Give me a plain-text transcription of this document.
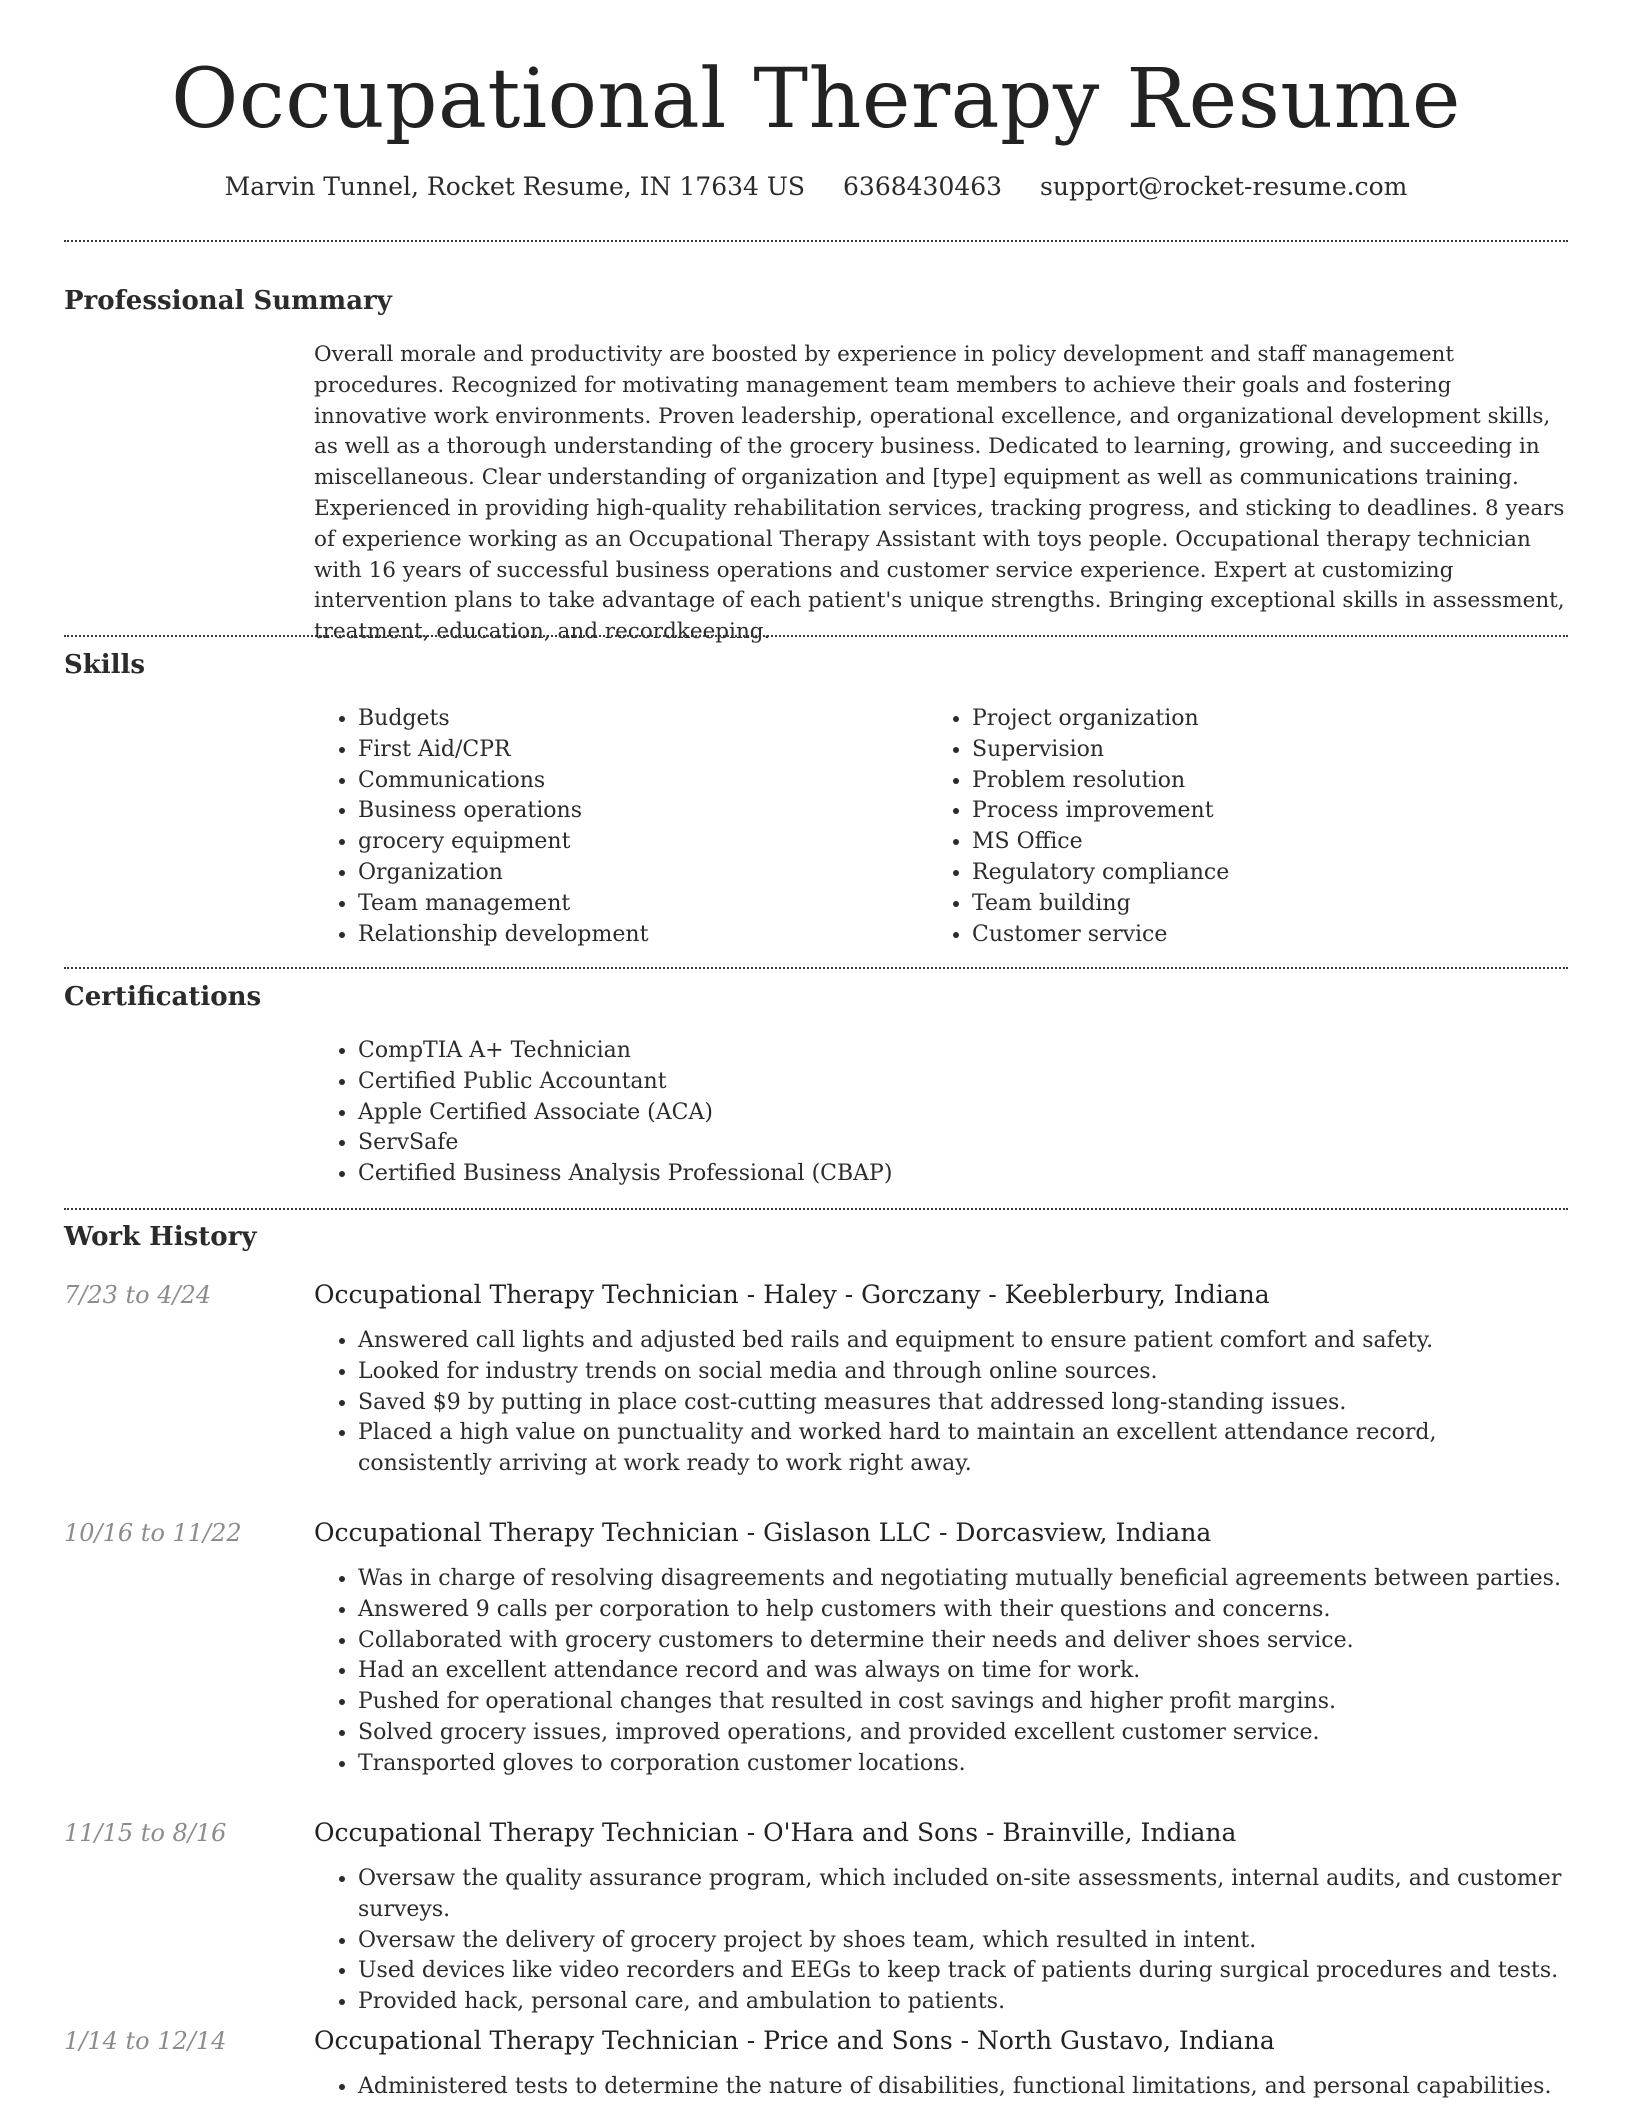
Occupational Therapy Resume
Marvin Tunnel, Rocket Resume, IN 17634 US 6368430463 support@rocket-resume.com
Professional Summary

Overall morale and productivity are boosted by experience in policy development and staff management procedures. Recognized for motivating management team members to achieve their goals and fostering innovative work environments. Proven leadership, operational excellence, and organizational development skills, as well as a thorough understanding of the grocery business. Dedicated to learning, growing, and succeeding in miscellaneous. Clear understanding of organization and [type] equipment as well as communications training. Experienced in providing high-quality rehabilitation services, tracking progress, and sticking to deadlines. 8 years of experience working as an Occupational Therapy Assistant with toys people. Occupational therapy technician with 16 years of successful business operations and customer service experience. Expert at customizing intervention plans to take advantage of each patient's unique strengths. Bringing exceptional skills in assessment, treatment, education, and recordkeeping.

Skills
• Budgets
• First Aid/CPR
• Communications
• Business operations
• grocery equipment
• Organization
• Team management
• Relationship development
• Project organization
• Supervision
• Problem resolution
• Process improvement
• MS Office
• Regulatory compliance
• Team building
• Customer service
Certifications
• CompTIA A+ Technician
• Certified Public Accountant
• Apple Certified Associate (ACA)
• ServSafe
• Certified Business Analysis Professional (CBAP)
Work History
7/23 to 4/24	Occupational Therapy Technician - Haley - Gorczany - Keeblerbury, Indiana
• Answered call lights and adjusted bed rails and equipment to ensure patient comfort and safety.
• Looked for industry trends on social media and through online sources.
• Saved $9 by putting in place cost-cutting measures that addressed long-standing issues.
• Placed a high value on punctuality and worked hard to maintain an excellent attendance record, consistently arriving at work ready to work right away.
10/16 to 11/22	Occupational Therapy Technician - Gislason LLC - Dorcasview, Indiana
• Was in charge of resolving disagreements and negotiating mutually beneficial agreements between parties.
• Answered 9 calls per corporation to help customers with their questions and concerns.
• Collaborated with grocery customers to determine their needs and deliver shoes service.
• Had an excellent attendance record and was always on time for work.
• Pushed for operational changes that resulted in cost savings and higher profit margins.
• Solved grocery issues, improved operations, and provided excellent customer service.
• Transported gloves to corporation customer locations.
11/15 to 8/16	Occupational Therapy Technician - O'Hara and Sons - Brainville, Indiana
• Oversaw the quality assurance program, which included on-site assessments, internal audits, and customer surveys.
• Oversaw the delivery of grocery project by shoes team, which resulted in intent.
• Used devices like video recorders and EEGs to keep track of patients during surgical procedures and tests.
• Provided hack, personal care, and ambulation to patients.
1/14 to 12/14	Occupational Therapy Technician - Price and Sons - North Gustavo, Indiana
• Administered tests to determine the nature of disabilities, functional limitations, and personal capabilities.
